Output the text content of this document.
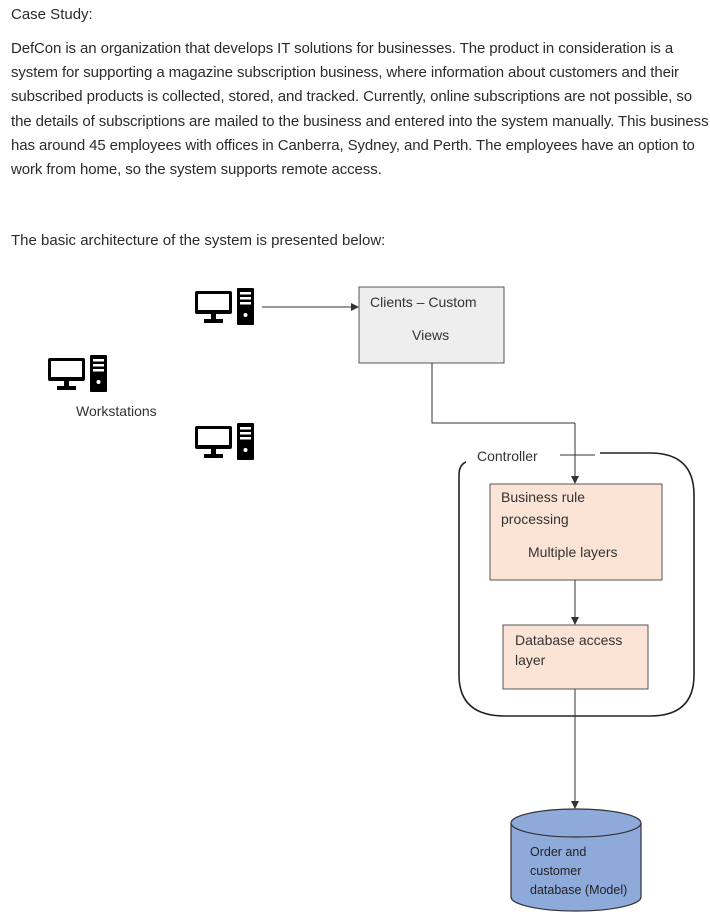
Case Study:
DefCon is an organization that develops IT solutions for businesses. The product in consideration is a system for supporting a magazine subscription business, where information about customers and their subscribed products is collected, stored, and tracked. Currently, online subscriptions are not possible, so the details of subscriptions are mailed to the business and entered into the system manually. This business has around 45 employees with offices in Canberra, Sydney, and Perth. The employees have an option to work from home, so the system supports remote access.
The basic architecture of the system is presented below:
Workstations
Clients – Custom
Views
Controller
Business rule
processing
Multiple layers
Database access
layer
Order and
customer
database (Model)
